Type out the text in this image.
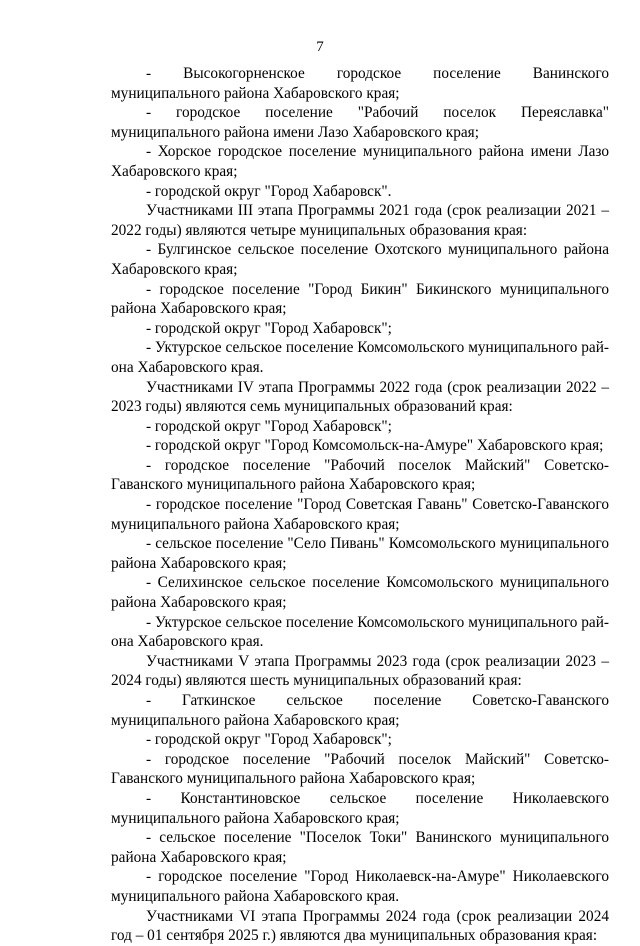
7

- Высокогорненское городское поселение Ванинского муниципального района Хабаровского края;

- городское поселение "Рабочий поселок Переяславка" муниципального района имени Лазо Хабаровского края;

- Хорское городское поселение муниципального района имени Лазо Хабаровского края;

- городской округ "Город Хабаровск".

Участниками III этапа Программы 2021 года (срок реализации 2021 – 2022 годы) являются четыре муниципальных образования края:

- Булгинское сельское поселение Охотского муниципального района Хабаровского края;

- городское поселение "Город Бикин" Бикинского муниципального района Хабаровского края;

- городской округ "Город Хабаровск";

- Уктурское сельское поселение Комсомольского муниципального района Хабаровского края.

Участниками IV этапа Программы 2022 года (срок реализации 2022 – 2023 годы) являются семь муниципальных образований края:

- городской округ "Город Хабаровск";

- городской округ "Город Комсомольск-на-Амуре" Хабаровского края;

- городское поселение "Рабочий поселок Майский" Советско-Гаванского муниципального района Хабаровского края;

- городское поселение "Город Советская Гавань" Советско-Гаванского муниципального района Хабаровского края;

- сельское поселение "Село Пивань" Комсомольского муниципального района Хабаровского края;

- Селихинское сельское поселение Комсомольского муниципального района Хабаровского края;

- Уктурское сельское поселение Комсомольского муниципального района Хабаровского края.

Участниками V этапа Программы 2023 года (срок реализации 2023 – 2024 годы) являются шесть муниципальных образований края:

- Гаткинское сельское поселение Советско-Гаванского муниципального района Хабаровского края;

- городской округ "Город Хабаровск";

- городское поселение "Рабочий поселок Майский" Советско-Гаванского муниципального района Хабаровского края;

- Константиновское сельское поселение Николаевского муниципального района Хабаровского края;

- сельское поселение "Поселок Токи" Ванинского муниципального района Хабаровского края;

- городское поселение "Город Николаевск-на-Амуре" Николаевского муниципального района Хабаровского края.

Участниками VI этапа Программы 2024 года (срок реализации 2024 год – 01 сентября 2025 г.) являются два муниципальных образования края:
